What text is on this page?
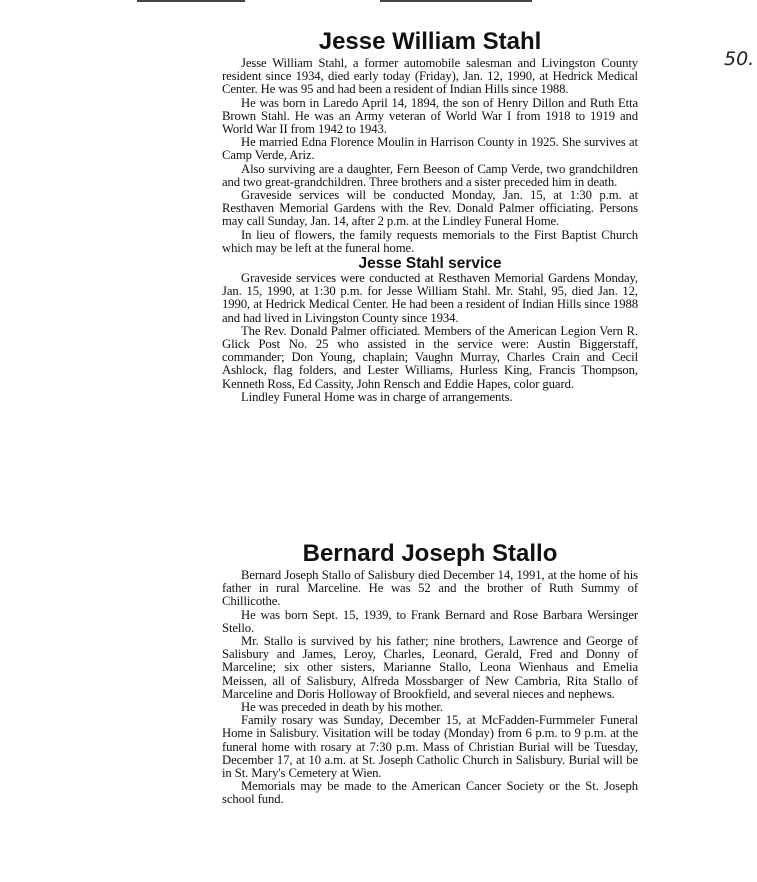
50.
Jesse William Stahl

Jesse William Stahl, a former automobile salesman and Livingston County resident since 1934, died early today (Friday), Jan. 12, 1990, at Hedrick Medical Center. He was 95 and had been a resident of Indian Hills since 1988.

He was born in Laredo April 14, 1894, the son of Henry Dillon and Ruth Etta Brown Stahl. He was an Army veteran of World War I from 1918 to 1919 and World War II from 1942 to 1943.

He married Edna Florence Moulin in Harrison County in 1925. She survives at Camp Verde, Ariz.

Also surviving are a daughter, Fern Beeson of Camp Verde, two grandchildren and two great-grandchildren. Three brothers and a sister preceded him in death.

Graveside services will be conducted Monday, Jan. 15, at 1:30 p.m. at Resthaven Memorial Gardens with the Rev. Donald Palmer officiating. Persons may call Sunday, Jan. 14, after 2 p.m. at the Lindley Funeral Home.

In lieu of flowers, the family requests memorials to the First Baptist Church which may be left at the funeral home.

Jesse Stahl service

Graveside services were conducted at Resthaven Memorial Gardens Monday, Jan. 15, 1990, at 1:30 p.m. for Jesse William Stahl. Mr. Stahl, 95, died Jan. 12, 1990, at Hedrick Medical Center. He had been a resident of Indian Hills since 1988 and had lived in Livingston County since 1934.

The Rev. Donald Palmer officiated. Members of the American Legion Vern R. Glick Post No. 25 who assisted in the service were: Austin Biggerstaff, commander; Don Young, chaplain; Vaughn Murray, Charles Crain and Cecil Ashlock, flag folders, and Lester Williams, Hurless King, Francis Thompson, Kenneth Ross, Ed Cassity, John Rensch and Eddie Hapes, color guard.

Lindley Funeral Home was in charge of arrangements.

Bernard Joseph Stallo

Bernard Joseph Stallo of Salisbury died December 14, 1991, at the home of his father in rural Marceline. He was 52 and the brother of Ruth Summy of Chillicothe.

He was born Sept. 15, 1939, to Frank Bernard and Rose Barbara Wersinger Stello.

Mr. Stallo is survived by his father; nine brothers, Lawrence and George of Salisbury and James, Leroy, Charles, Leonard, Gerald, Fred and Donny of Marceline; six other sisters, Marianne Stallo, Leona Wienhaus and Emelia Meissen, all of Salisbury, Alfreda Mossbarger of New Cambria, Rita Stallo of Marceline and Doris Holloway of Brookfield, and several nieces and nephews.

He was preceded in death by his mother.

Family rosary was Sunday, December 15, at McFadden-Furmmeler Funeral Home in Salisbury. Visitation will be today (Monday) from 6 p.m. to 9 p.m. at the funeral home with rosary at 7:30 p.m. Mass of Christian Burial will be Tuesday, December 17, at 10 a.m. at St. Joseph Catholic Church in Salisbury. Burial will be in St. Mary's Cemetery at Wien.

Memorials may be made to the American Cancer Society or the St. Joseph school fund.
